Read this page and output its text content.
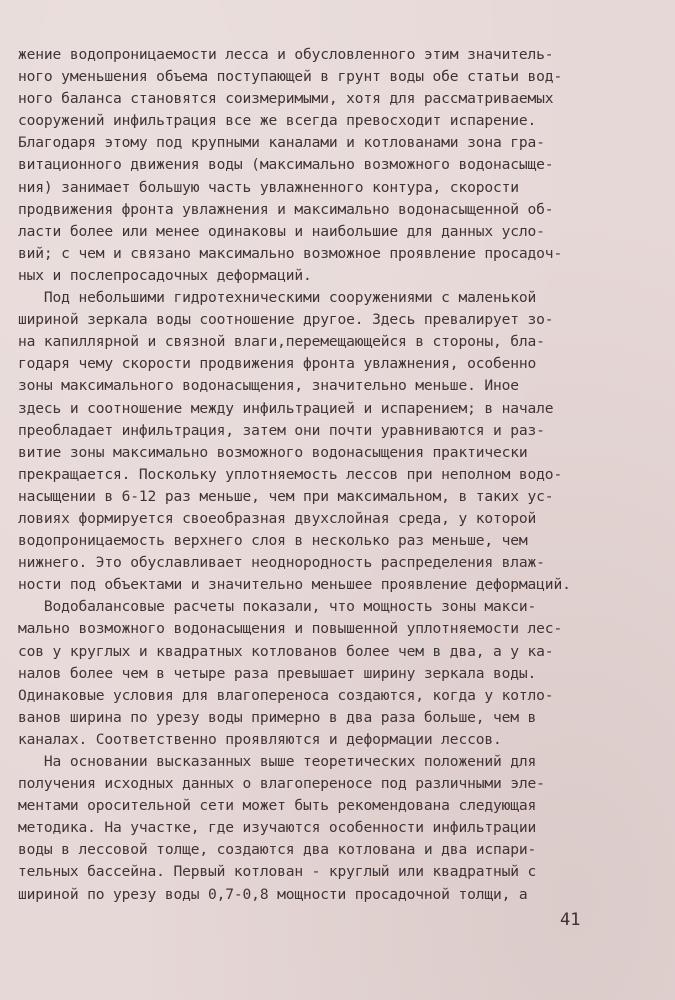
жение водопроницаемости лесса и обусловленного этим значитель-
ного уменьшения объема поступающей в грунт воды обе статьи вод-
ного баланса становятся соизмеримыми, хотя для рассматриваемых
сооружений инфильтрация все же всегда превосходит испарение.
Благодаря этому под крупными каналами и котлованами зона гра-
витационного движения воды (максимально возможного водонасыще-
ния) занимает большую часть увлажненного контура, скорости
продвижения фронта увлажнения и максимально водонасыщенной об-
ласти более или менее одинаковы и наибольшие для данных усло-
вий; с чем и связано максимально возможное проявление просадоч-
ных и послепросадочных деформаций.
Под небольшими гидротехническими сооружениями с маленькой
шириной зеркала воды соотношение другое. Здесь превалирует зо-
на капиллярной и связной влаги,перемещающейся в стороны, бла-
годаря чему скорости продвижения фронта увлажнения, особенно
зоны максимального водонасыщения, значительно меньше. Иное
здесь и соотношение между инфильтрацией и испарением; в начале
преобладает инфильтрация, затем они почти уравниваются и раз-
витие зоны максимально возможного водонасыщения практически
прекращается. Поскольку уплотняемость лессов при неполном водо-
насыщении в 6-12 раз меньше, чем при максимальном, в таких ус-
ловиях формируется своеобразная двухслойная среда, у которой
водопроницаемость верхнего слоя в несколько раз меньше, чем
нижнего. Это обуславливает неоднородность распределения влаж-
ности под объектами и значительно меньшее проявление деформаций.
Водобалансовые расчеты показали, что мощность зоны макси-
мально возможного водонасыщения и повышенной уплотняемости лес-
сов у круглых и квадратных котлованов более чем в два, а у ка-
налов более чем в четыре раза превышает ширину зеркала воды.
Одинаковые условия для влагопереноса создаются, когда у котло-
ванов ширина по урезу воды примерно в два раза больше, чем в
каналах. Соответственно проявляются и деформации лессов.
На основании высказанных выше теоретических положений для
получения исходных данных о влагопереносе под различными эле-
ментами оросительной сети может быть рекомендована следующая
методика. На участке, где изучаются особенности инфильтрации
воды в лессовой толще, создаются два котлована и два испари-
тельных бассейна. Первый котлован - круглый или квадратный с
шириной по урезу воды 0,7-0,8 мощности просадочной толщи, а
41
